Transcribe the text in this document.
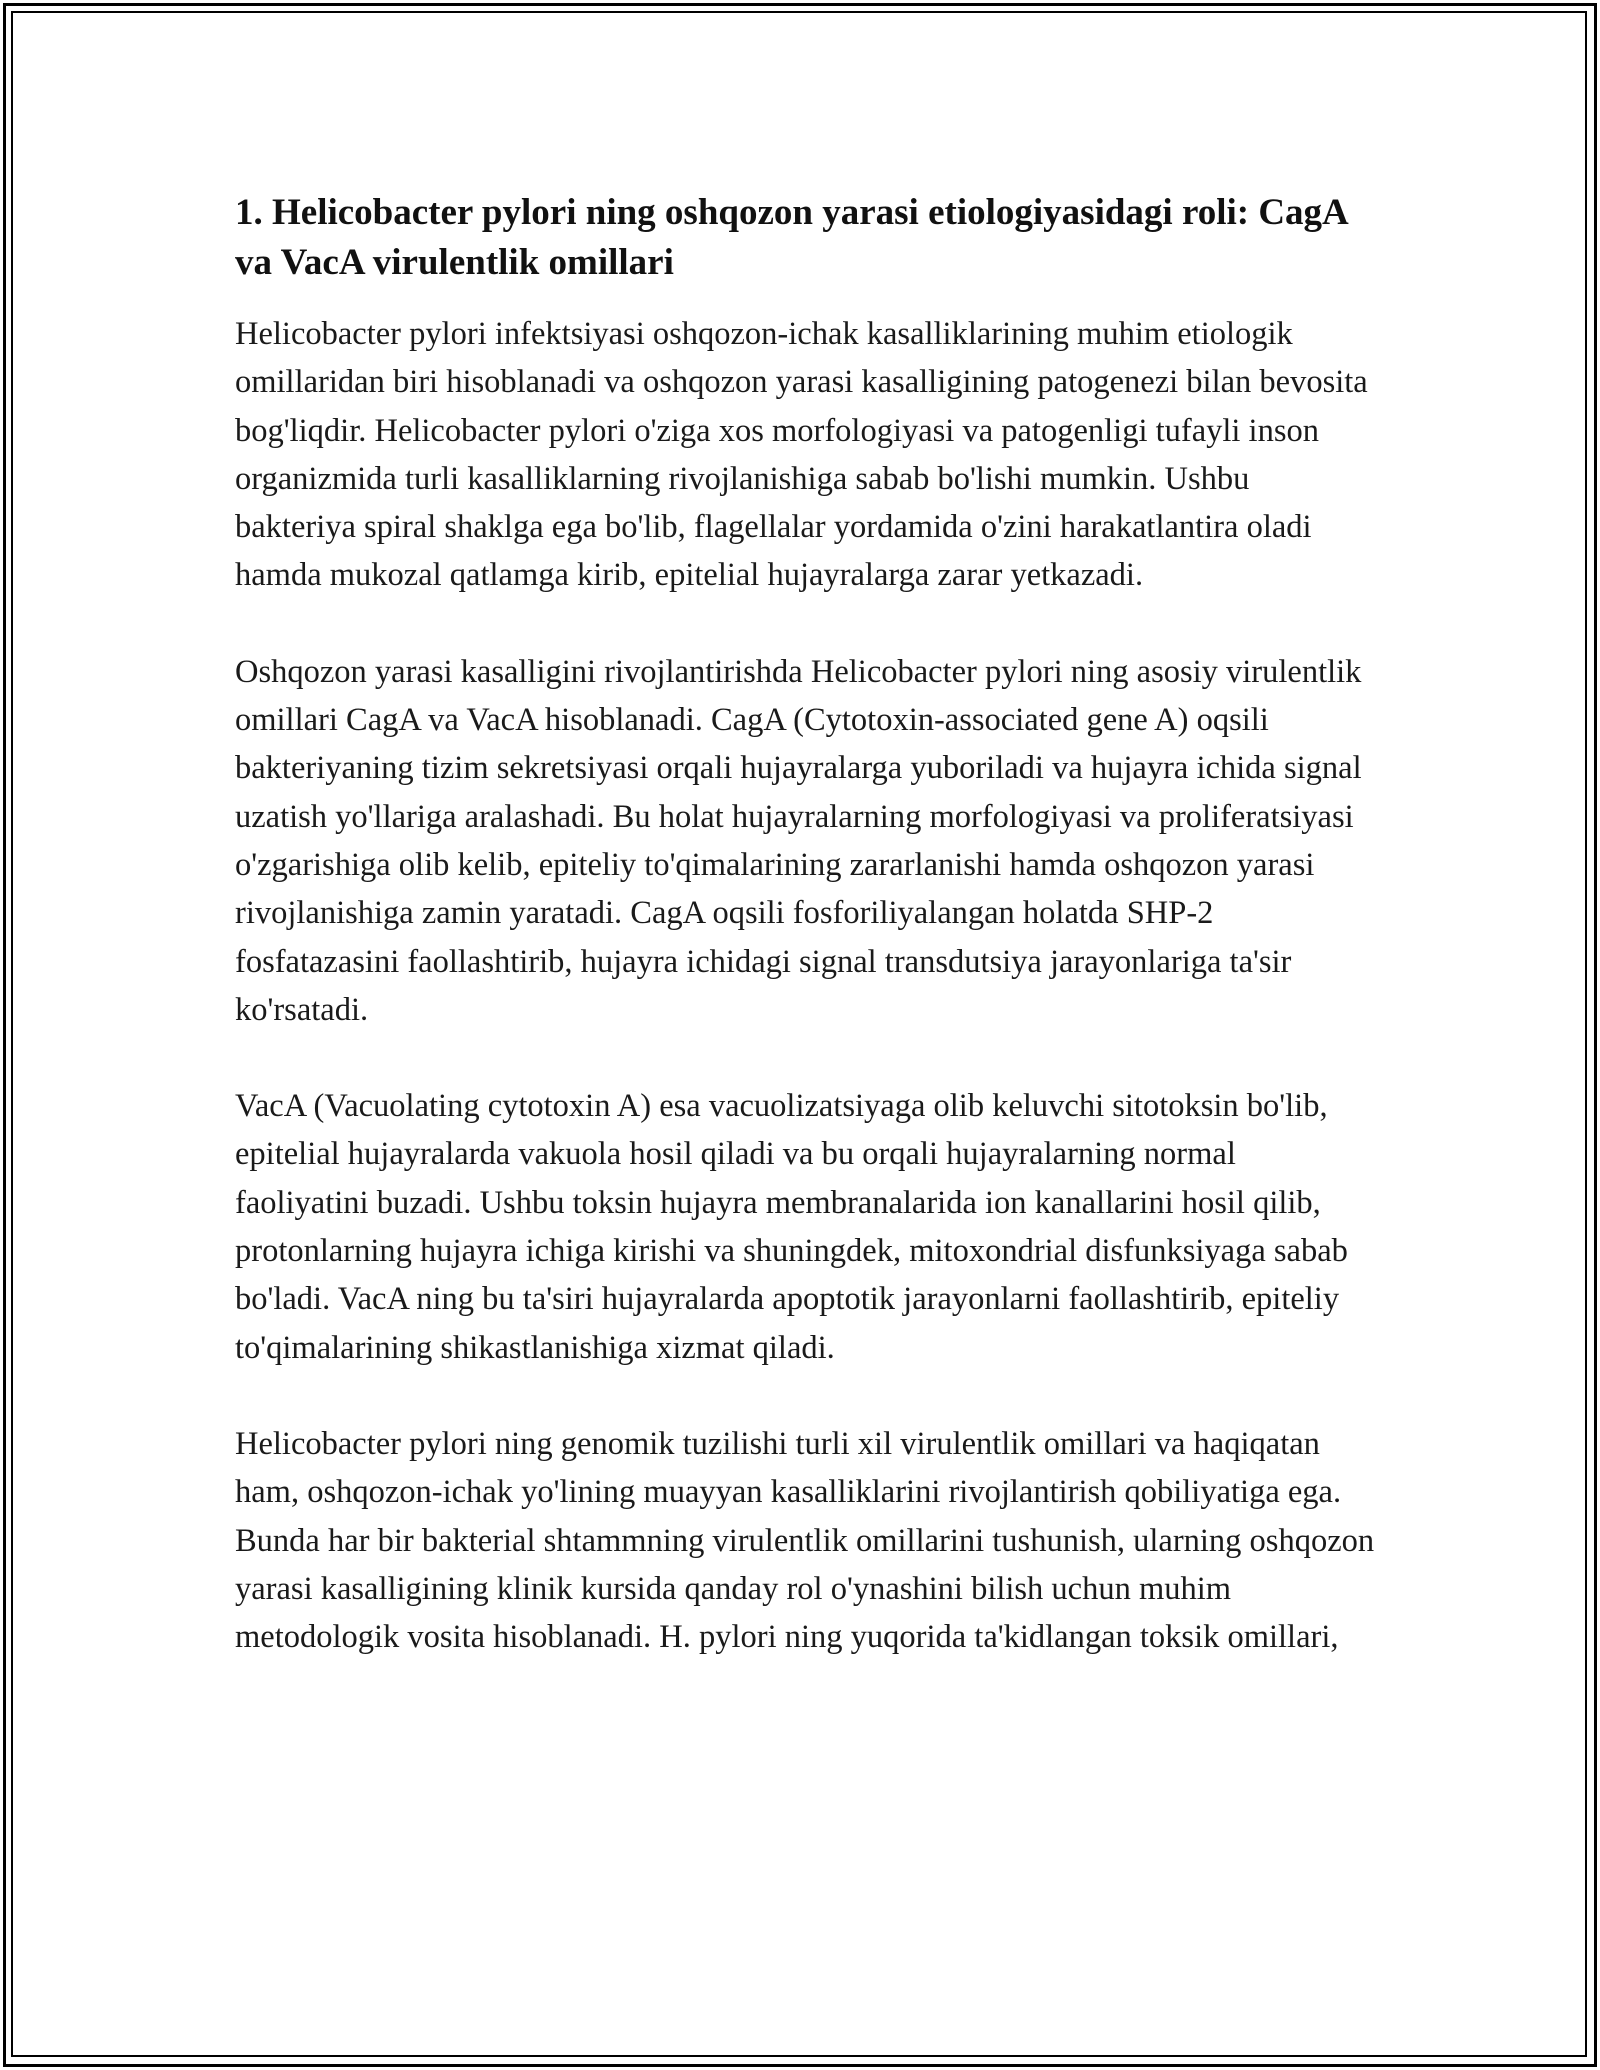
1. Helicobacter pylori ning oshqozon yarasi etiologiyasidagi roli: CagA va VacA virulentlik omillari

Helicobacter pylori infektsiyasi oshqozon-ichak kasalliklarining muhim etiologik omillaridan biri hisoblanadi va oshqozon yarasi kasalligining patogenezi bilan bevosita bog'liqdir. Helicobacter pylori o'ziga xos morfologiyasi va patogenligi tufayli inson organizmida turli kasalliklarning rivojlanishiga sabab bo'lishi mumkin. Ushbu bakteriya spiral shaklga ega bo'lib, flagellalar yordamida o'zini harakatlantira oladi hamda mukozal qatlamga kirib, epitelial hujayralarga zarar yetkazadi.

Oshqozon yarasi kasalligini rivojlantirishda Helicobacter pylori ning asosiy virulentlik omillari CagA va VacA hisoblanadi. CagA (Cytotoxin-associated gene A) oqsili bakteriyaning tizim sekretsiyasi orqali hujayralarga yuboriladi va hujayra ichida signal uzatish yo'llariga aralashadi. Bu holat hujayralarning morfologiyasi va proliferatsiyasi o'zgarishiga olib kelib, epiteliy to'qimalarining zararlanishi hamda oshqozon yarasi rivojlanishiga zamin yaratadi. CagA oqsili fosforiliyalangan holatda SHP-2 fosfatazasini faollashtirib, hujayra ichidagi signal transdutsiya jarayonlariga ta'sir ko'rsatadi.

VacA (Vacuolating cytotoxin A) esa vacuolizatsiyaga olib keluvchi sitotoksin bo'lib, epitelial hujayralarda vakuola hosil qiladi va bu orqali hujayralarning normal faoliyatini buzadi. Ushbu toksin hujayra membranalarida ion kanallarini hosil qilib, protonlarning hujayra ichiga kirishi va shuningdek, mitoxondrial disfunksiyaga sabab bo'ladi. VacA ning bu ta'siri hujayralarda apoptotik jarayonlarni faollashtirib, epiteliy to'qimalarining shikastlanishiga xizmat qiladi.

Helicobacter pylori ning genomik tuzilishi turli xil virulentlik omillari va haqiqatan ham, oshqozon-ichak yo'lining muayyan kasalliklarini rivojlantirish qobiliyatiga ega. Bunda har bir bakterial shtammning virulentlik omillarini tushunish, ularning oshqozon yarasi kasalligining klinik kursida qanday rol o'ynashini bilish uchun muhim metodologik vosita hisoblanadi. H. pylori ning yuqorida ta'kidlangan toksik omillari,
